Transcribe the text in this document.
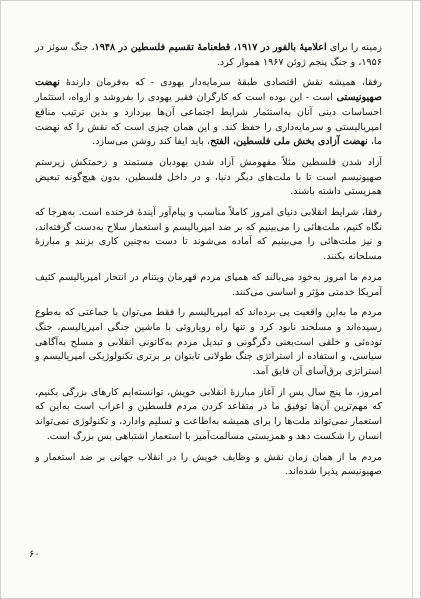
زمینه را برای اعلامیهٔ بالفور در ۱۹۱۷، قطعنامهٔ تقسیم فلسطین در ۱۹۴۸، جنگ سوئز در ۱۹۵۶، و جنگ پنجم ژوئن ۱۹۶۷ هموار کرد.

رفقا، همیشه نقش اقتصادی طبقهٔ سرمایه‌دار یهودی - که به‌فرمان دارندهٔ نهضت صهیونیستی است - این بوده است که کارگران فقیر یهودی را بفروشد و ازواه، استثمار احساسات دینی آنان به‌استثمار شرایط اجتماعی آن‌ها بپردازد و بدین ترتیب منافع امپریالیستی و سرمایه‌داری را حفظ کند. و این همان چیزی است که نقش را که نهضت ما، نهضت آزادی بخش ملی فلسطین، الفتح، باید ایفا کند روشن می‌سازد.

آزاد شدن فلسطین مثلاً مفهومش آزاد شدن یهودیان مستمند و زحمتکش زیرستم صهیونیسم است تا با ملت‌های دیگر دنیا، و در داخل فلسطین، بدون هیچ‌گونه تبعیض همزیستی داشته باشند.

رفقا، شرایط انقلابی دنیای امروز کاملاً مناسب و پیام‌آور آیندهٔ فرخنده است. به‌هرجا که نگاه کنیم، ملت‌هائی را می‌بینیم که بر ضد امپریالیسم و استعمار سلاح به‌دست گرفته‌اند، و نیز ملت‌هائی را می‌بینیم که آماده می‌شوند تا دست به‌چنین کاری بزنند و مبارزهٔ مسلحانه بکنند.

مردم ما امروز به‌خود می‌بالند که همپای مردم قهرمان ویتنام در انتحار امپریالیسم کثیف آمریکا خدمتی مؤثر و اساسی می‌کنند.

مردم ما به‌این واقعیت پی برده‌اند که امپریالیسم را فقط می‌توان با جماعتی که به‌طوع رسیده‌اند و مسلحند نابود کرد و تنها راه رویاروئی با ماشین جنگی امپریالیسم، جنگ توده‌ئی و خلقی است‌یعنی دگرگونی و تبدیل مردم به‌کانونی انقلابی و مسلح به‌آگاهی سیاسی، و استفاده از استراتژی جنگ طولانی تابتوان بر برتری تکنولوژیکی امپریالیسم و استراتژی برق‌آسای آن فایق آمد.

امروز، ما پنج سال پس از آغاز مبارزهٔ انقلابی خویش، توانسته‌ایم کارهای بزرگی بکنیم، که مهم‌ترین آن‌ها توفیق ما در متقاعد کردن مردم فلسطین و اعراب است به‌این که استعمار نمی‌تواند ملت‌ها را برای همیشه به‌اطاعت و تسلیم وادارد، و تکنولوژی نمی‌تواند انسان را شکست دهد و همزیستی مسالمت‌آمیز با استعمار اشتباهی بس بزرگ است.

مردم ما از همان زمان نقش و وظایف خویش را در انقلاب جهانی بر ضد استعمار و صهیونیسم پذیرا شده‌اند.

۶۰
